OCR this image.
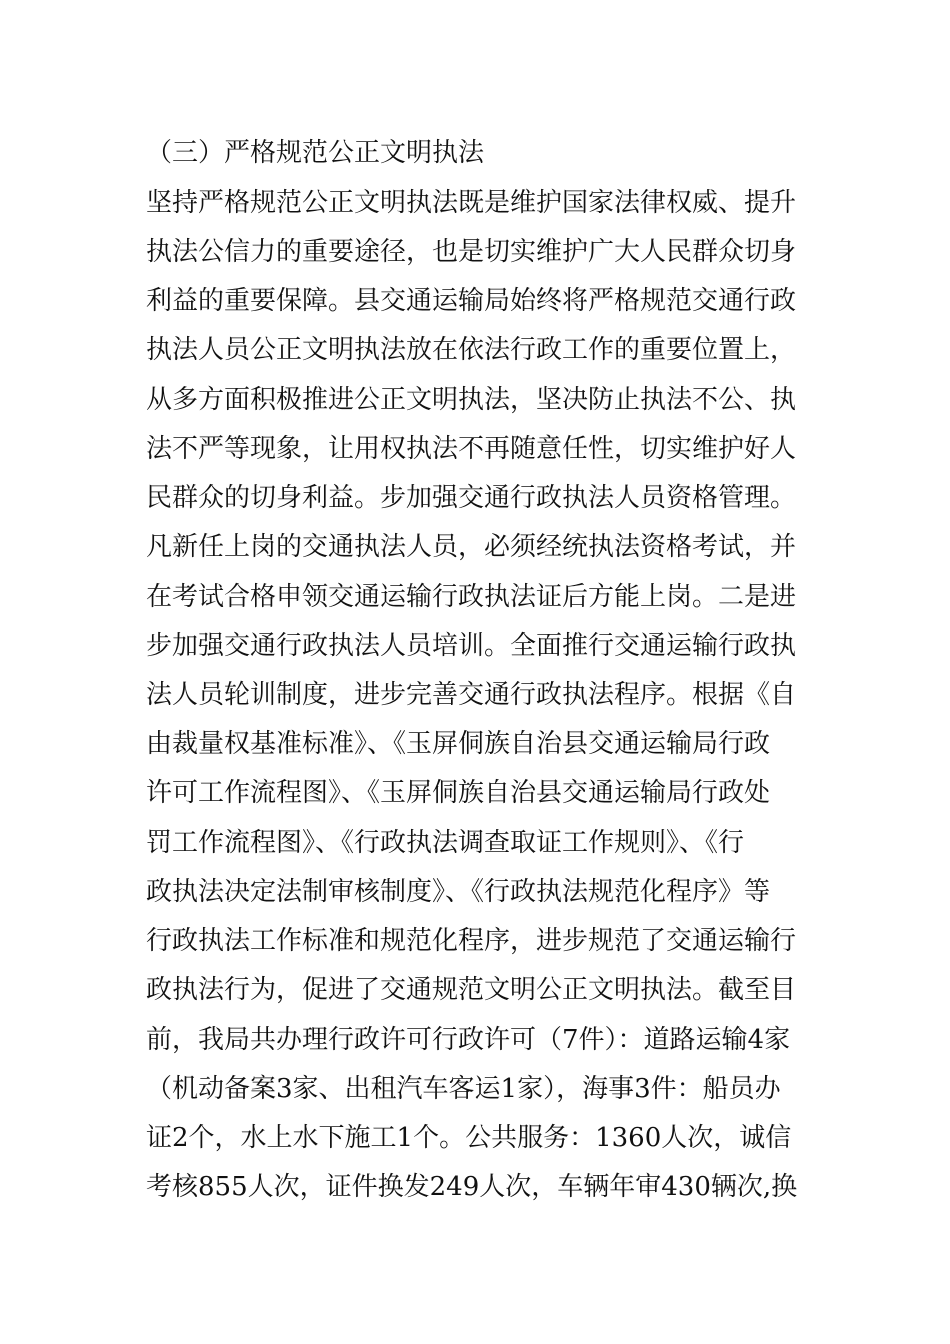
（三）严格规范公正文明执法
坚持严格规范公正文明执法既是维护国家法律权威、提升
执法公信力的重要途径，也是切实维护广大人民群众切身
利益的重要保障。县交通运输局始终将严格规范交通行政
执法人员公正文明执法放在依法行政工作的重要位置上，
从多方面积极推进公正文明执法，坚决防止执法不公、执
法不严等现象，让用权执法不再随意任性，切实维护好人
民群众的切身利益。步加强交通行政执法人员资格管理。
凡新任上岗的交通执法人员，必须经统执法资格考试，并
在考试合格申领交通运输行政执法证后方能上岗。二是进
步加强交通行政执法人员培训。全面推行交通运输行政执
法人员轮训制度，进步完善交通行政执法程序。根据《自
由裁量权基准标准》、《玉屏侗族自治县交通运输局行政
许可工作流程图》、《玉屏侗族自治县交通运输局行政处
罚工作流程图》、《行政执法调查取证工作规则》、《行
政执法决定法制审核制度》、《行政执法规范化程序》等
行政执法工作标准和规范化程序，进步规范了交通运输行
政执法行为，促进了交通规范文明公正文明执法。截至目
前，我局共办理行政许可行政许可（7件）：道路运输4家
（机动备案3家、出租汽车客运1家），海事3件：船员办
证2个，水上水下施工1个。公共服务：1360人次，诚信
考核855人次，证件换发249人次，车辆年审430辆次,换
